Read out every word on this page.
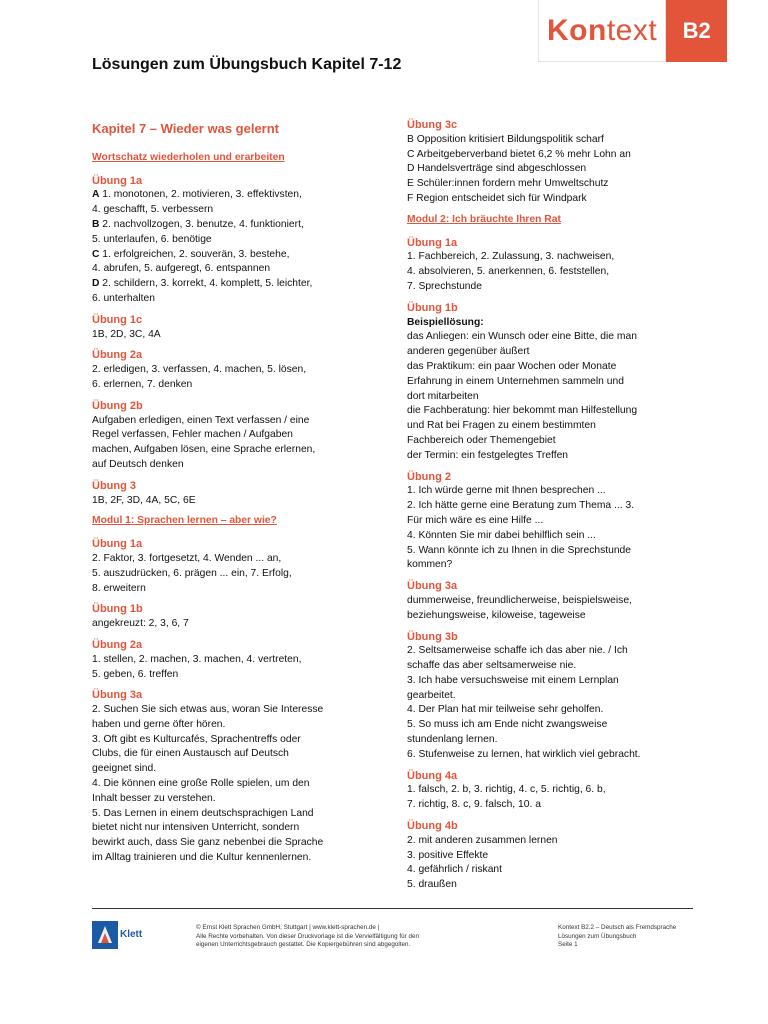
Kon text	B2
Lösungen zum Übungsbuch Kapitel 7-12
Kapitel 7 – Wieder was gelernt
Wortschatz wiederholen und erarbeiten
Übung 1a
A 1. monotonen, 2. motivieren, 3. effektivsten,
4. geschafft, 5. verbessern
B 2. nachvollzogen, 3. benutze, 4. funktioniert,
5. unterlaufen, 6. benötige
C 1. erfolgreichen, 2. souverän, 3. bestehe,
4. abrufen, 5. aufgeregt, 6. entspannen
D 2. schildern, 3. korrekt, 4. komplett, 5. leichter,
6. unterhalten
Übung 1c
1B, 2D, 3C, 4A
Übung 2a
2. erledigen, 3. verfassen, 4. machen, 5. lösen,
6. erlernen, 7. denken
Übung 2b
Aufgaben erledigen, einen Text verfassen / eine
Regel verfassen, Fehler machen / Aufgaben
machen, Aufgaben lösen, eine Sprache erlernen,
auf Deutsch denken
Übung 3
1B, 2F, 3D, 4A, 5C, 6E
Modul 1: Sprachen lernen – aber wie?
Übung 1a
2. Faktor, 3. fortgesetzt, 4. Wenden ... an,
5. auszudrücken, 6. prägen ... ein, 7. Erfolg,
8. erweitern
Übung 1b
angekreuzt: 2, 3, 6, 7
Übung 2a
1. stellen, 2. machen, 3. machen, 4. vertreten,
5. geben, 6. treffen
Übung 3a
2. Suchen Sie sich etwas aus, woran Sie Interesse
haben und gerne öfter hören.
3. Oft gibt es Kulturcafés, Sprachentreffs oder
Clubs, die für einen Austausch auf Deutsch
geeignet sind.
4. Die können eine große Rolle spielen, um den
Inhalt besser zu verstehen.
5. Das Lernen in einem deutschsprachigen Land
bietet nicht nur intensiven Unterricht, sondern
bewirkt auch, dass Sie ganz nebenbei die Sprache
im Alltag trainieren und die Kultur kennenlernen.
Übung 3c
B Opposition kritisiert Bildungspolitik scharf
C Arbeitgeberverband bietet 6,2 % mehr Lohn an
D Handelsverträge sind abgeschlossen
E Schüler:innen fordern mehr Umweltschutz
F Region entscheidet sich für Windpark
Modul 2: Ich bräuchte Ihren Rat
Übung 1a
1. Fachbereich, 2. Zulassung, 3. nachweisen,
4. absolvieren, 5. anerkennen, 6. feststellen,
7. Sprechstunde
Übung 1b
Beispiellösung:
das Anliegen: ein Wunsch oder eine Bitte, die man
anderen gegenüber äußert
das Praktikum: ein paar Wochen oder Monate
Erfahrung in einem Unternehmen sammeln und
dort mitarbeiten
die Fachberatung: hier bekommt man Hilfestellung
und Rat bei Fragen zu einem bestimmten
Fachbereich oder Themengebiet
der Termin: ein festgelegtes Treffen
Übung 2
1. Ich würde gerne mit Ihnen besprechen ...
2. Ich hätte gerne eine Beratung zum Thema ... 3.
Für mich wäre es eine Hilfe ...
4. Könnten Sie mir dabei behilflich sein ...
5. Wann könnte ich zu Ihnen in die Sprechstunde
kommen?
Übung 3a
dummerweise, freundlicherweise, beispielsweise,
beziehungsweise, kiloweise, tageweise
Übung 3b
2. Seltsamerweise schaffe ich das aber nie. / Ich
schaffe das aber seltsamerweise nie.
3. Ich habe versuchsweise mit einem Lernplan
gearbeitet.
4. Der Plan hat mir teilweise sehr geholfen.
5. So muss ich am Ende nicht zwangsweise
stundenlang lernen.
6. Stufenweise zu lernen, hat wirklich viel gebracht.
Übung 4a
1. falsch, 2. b, 3. richtig, 4. c, 5. richtig, 6. b,
7. richtig, 8. c, 9. falsch, 10. a
Übung 4b
2. mit anderen zusammen lernen
3. positive Effekte
4. gefährlich / riskant
5. draußen
Klett
© Ernst Klett Sprachen GmbH, Stuttgart | www.klett-sprachen.de |
Alle Rechte vorbehalten. Von dieser Druckvorlage ist die Vervielfältigung für den
eigenen Unterrichtsgebrauch gestattet. Die Kopiergebühren sind abgegolten.
Kontext B2.2 – Deutsch als Fremdsprache
Lösungen zum Übungsbuch
Seite 1
